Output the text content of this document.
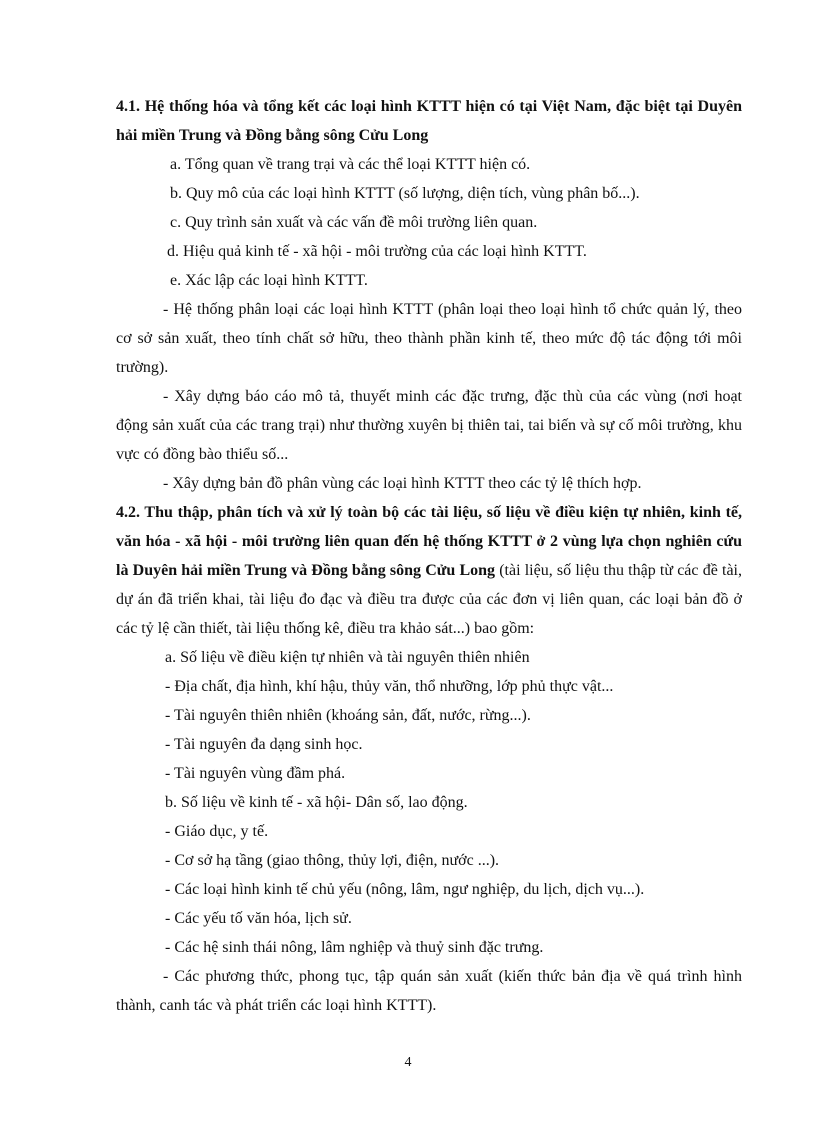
4.1. Hệ thống hóa và tổng kết các loại hình KTTT hiện có tại Việt Nam, đặc biệt tại Duyên hải miền Trung và Đồng bằng sông Cửu Long

a. Tổng quan về trang trại và các thể loại KTTT hiện có.

b. Quy mô của các loại hình KTTT (số lượng, diện tích, vùng phân bố...).

c. Quy trình sản xuất và các vấn đề môi trường liên quan.

d. Hiệu quả kinh tế - xã hội - môi trường của các loại hình KTTT.

e. Xác lập các loại hình KTTT.

- Hệ thống phân loại các loại hình KTTT (phân loại theo loại hình tổ chức quản lý, theo cơ sở sản xuất, theo tính chất sở hữu, theo thành phần kinh tế, theo mức độ tác động tới môi trường).

- Xây dựng báo cáo mô tả, thuyết minh các đặc trưng, đặc thù của các vùng (nơi hoạt động sản xuất của các trang trại) như thường xuyên bị thiên tai, tai biến và sự cố môi trường, khu vực có đồng bào thiểu số...

- Xây dựng bản đồ phân vùng các loại hình KTTT theo các tỷ lệ thích hợp.

4.2. Thu thập, phân tích và xử lý toàn bộ các tài liệu, số liệu về điều kiện tự nhiên, kinh tế, văn hóa - xã hội - môi trường liên quan đến hệ thống KTTT ở 2 vùng lựa chọn nghiên cứu là Duyên hải miền Trung và Đồng bằng sông Cửu Long (tài liệu, số liệu thu thập từ các đề tài, dự án đã triển khai, tài liệu đo đạc và điều tra được của các đơn vị liên quan, các loại bản đồ ở các tỷ lệ cần thiết, tài liệu thống kê, điều tra khảo sát...) bao gồm:

a. Số liệu về điều kiện tự nhiên và tài nguyên thiên nhiên

- Địa chất, địa hình, khí hậu, thủy văn, thổ nhưỡng, lớp phủ thực vật...

- Tài nguyên thiên nhiên (khoáng sản, đất, nước, rừng...).

- Tài nguyên đa dạng sinh học.

- Tài nguyên vùng đầm phá.

b. Số liệu về kinh tế - xã hội- Dân số, lao động.

- Giáo dục, y tế.

- Cơ sở hạ tầng (giao thông, thủy lợi, điện, nước ...).

- Các loại hình kinh tế chủ yếu (nông, lâm, ngư nghiệp, du lịch, dịch vụ...).

- Các yếu tố văn hóa, lịch sử.

- Các hệ sinh thái nông, lâm nghiệp và thuỷ sinh đặc trưng.

- Các phương thức, phong tục, tập quán sản xuất (kiến thức bản địa về quá trình hình thành, canh tác và phát triển các loại hình KTTT).

4
